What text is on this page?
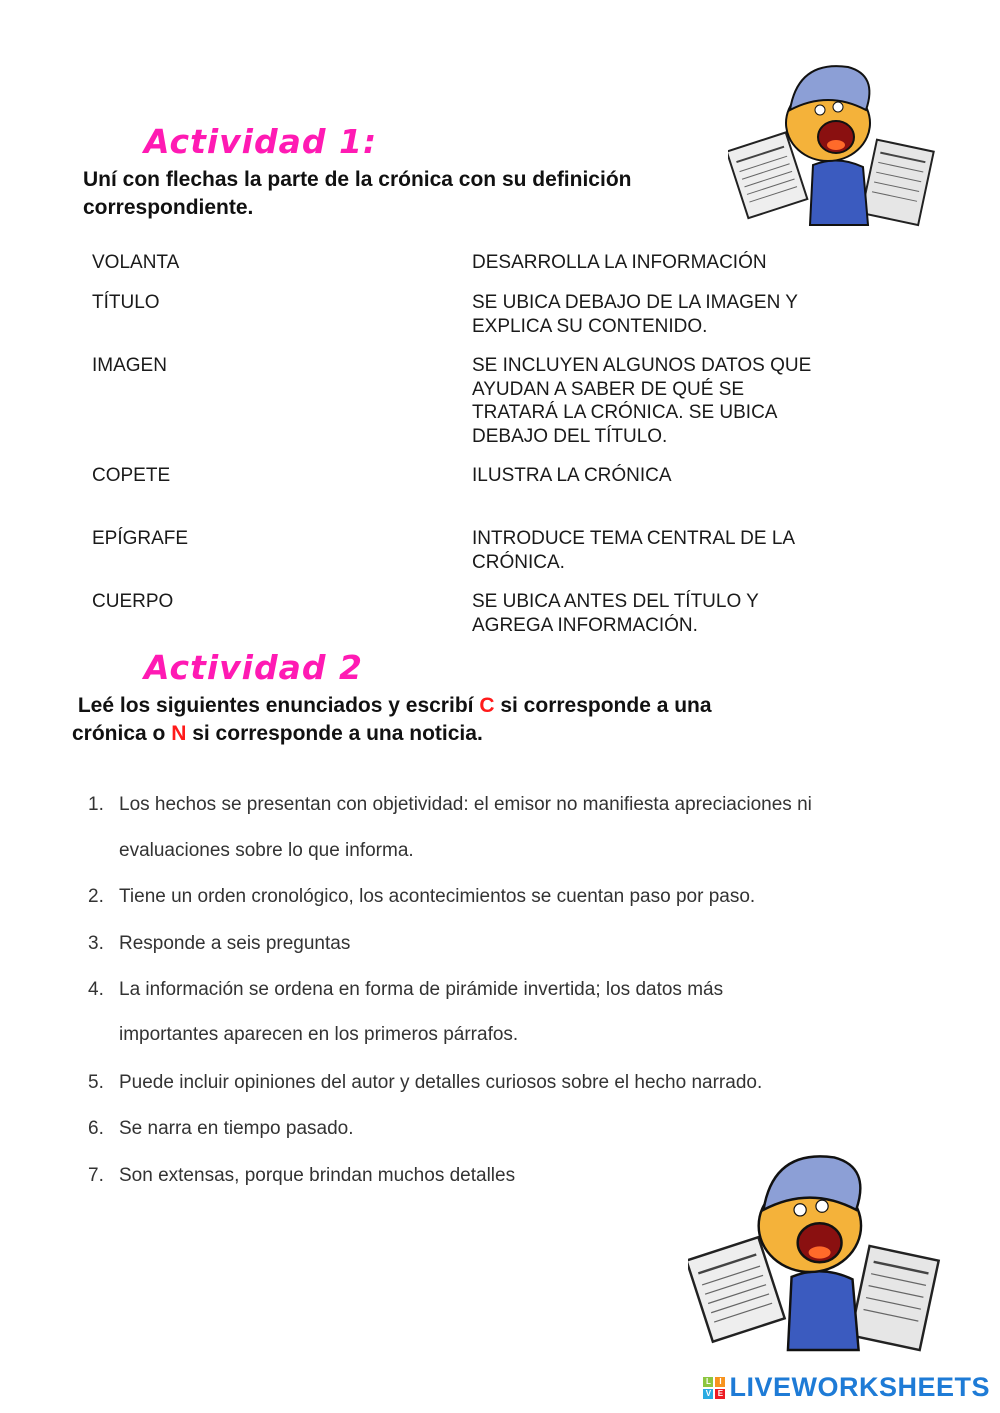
Actividad 1:
Uní con flechas la parte de la crónica con su definición
correspondiente.
VOLANTA
TÍTULO
IMAGEN
COPETE
EPÍGRAFE
CUERPO
DESARROLLA LA INFORMACIÓN
SE UBICA DEBAJO DE LA IMAGEN Y
EXPLICA SU CONTENIDO.
SE INCLUYEN ALGUNOS DATOS QUE
AYUDAN A SABER DE QUÉ SE
TRATARÁ LA CRÓNICA. SE UBICA
DEBAJO DEL TÍTULO.
ILUSTRA LA CRÓNICA
INTRODUCE TEMA CENTRAL DE LA
CRÓNICA.
SE UBICA ANTES DEL TÍTULO Y
AGREGA INFORMACIÓN.
Actividad 2
Leé los siguientes enunciados y escribí C si corresponde a una
crónica o N si corresponde a una noticia.
1. Los hechos se presentan con objetividad: el emisor no manifiesta apreciaciones ni
evaluaciones sobre lo que informa.
2. Tiene un orden cronológico, los acontecimientos se cuentan paso por paso.
3. Responde a seis preguntas
4. La información se ordena en forma de pirámide invertida; los datos más
importantes aparecen en los primeros párrafos.
5. Puede incluir opiniones del autor y detalles curiosos sobre el hecho narrado.
6. Se narra en tiempo pasado.
7. Son extensas, porque brindan muchos detalles
L	I
V E LIVEWORKSHEETS
